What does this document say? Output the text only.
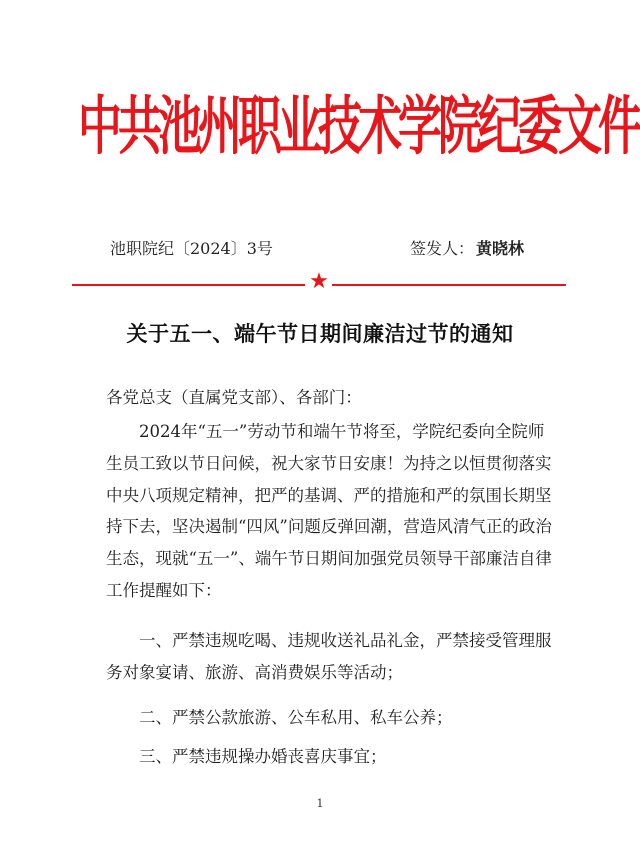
中共池州职业技术学院纪委文件
池职院纪〔2024〕3号	签发人： 黄晓林
★
关于五一、端午节日期间廉洁过节的通知
各党总支（直属党支部）、各部门：
2024年“五一”劳动节和端午节将至，学院纪委向全院师生员工致以节日问候，祝大家节日安康！为持之以恒贯彻落实中央八项规定精神，把严的基调、严的措施和严的氛围长期坚持下去，坚决遏制“四风”问题反弹回潮，营造风清气正的政治生态，现就“五一”、端午节日期间加强党员领导干部廉洁自律工作提醒如下：
一、严禁违规吃喝、违规收送礼品礼金，严禁接受管理服务对象宴请、旅游、高消费娱乐等活动；
二、严禁公款旅游、公车私用、私车公养；
三、严禁违规操办婚丧喜庆事宜；
1
